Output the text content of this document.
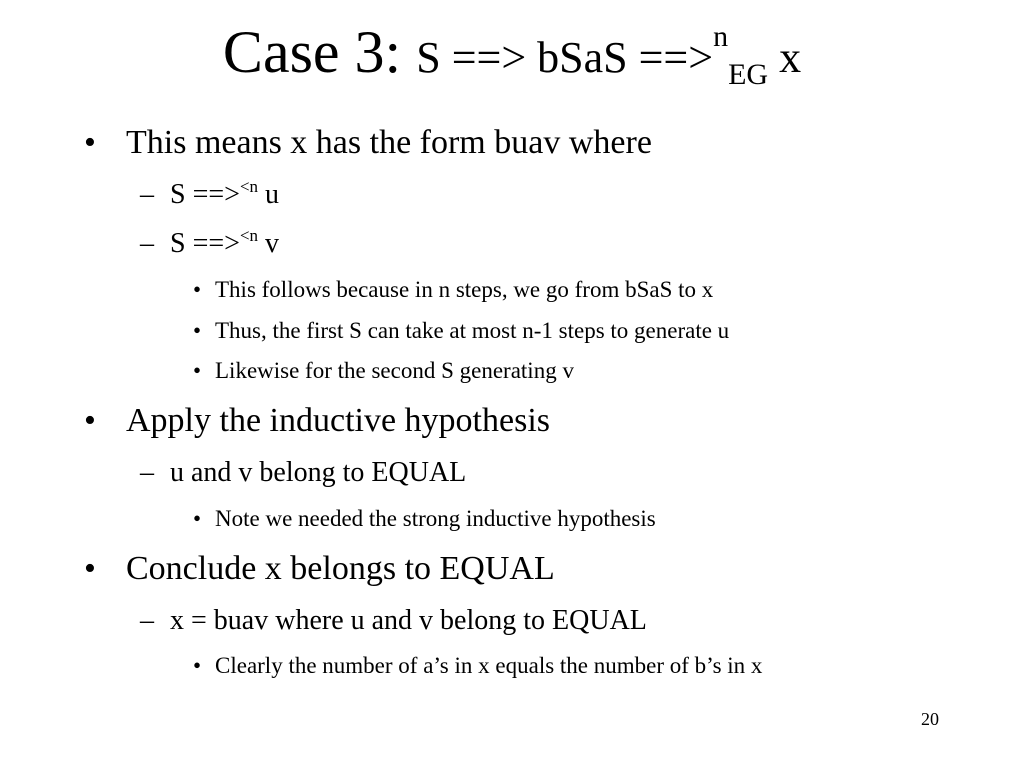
Case 3: S ==> bSaS ==>nEG x
• This means x has the form buav where
– S ==>$^{<n}$ u
– S ==>$^{<n}$ v
• This follows because in n steps, we go from bSaS to x
• Thus, the first S can take at most n-1 steps to generate u
• Likewise for the second S generating v
• Apply the inductive hypothesis
– u and v belong to EQUAL
• Note we needed the strong inductive hypothesis
• Conclude x belongs to EQUAL
– x = buav where u and v belong to EQUAL
• Clearly the number of a’s in x equals the number of b’s in x
20
